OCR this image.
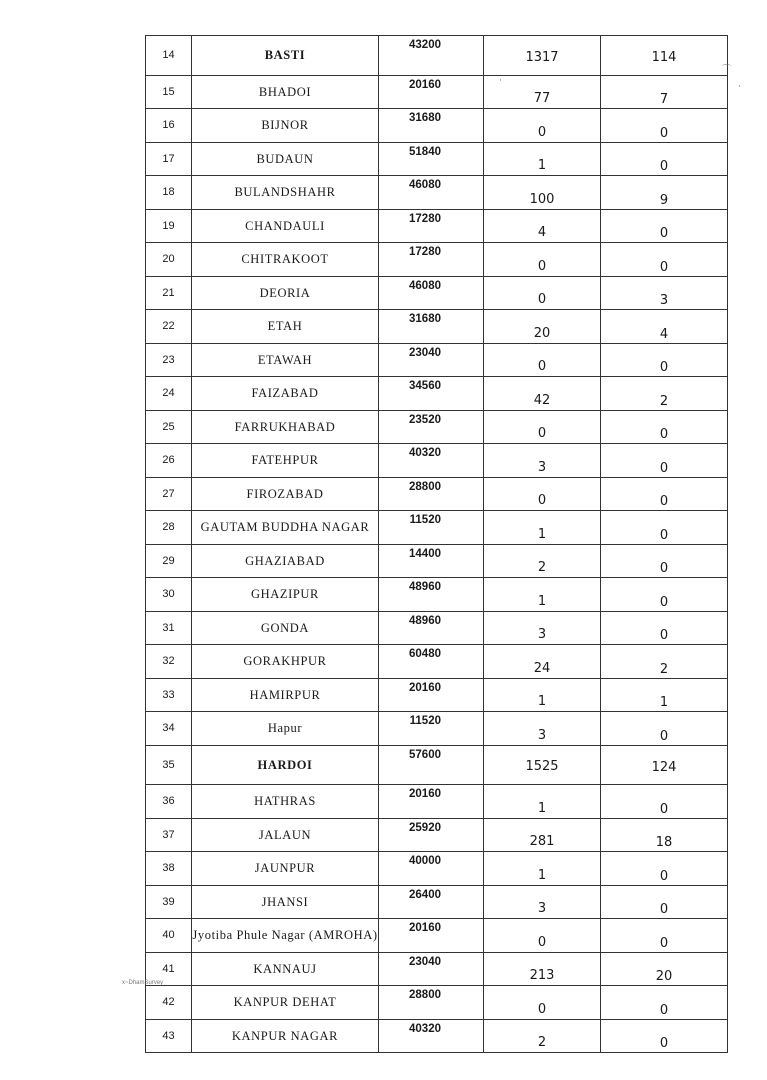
14	BASTI	43200	1317	114
15	BHADOI	20160	77	7
16	BIJNOR	31680	0	0
17	BUDAUN	51840	1	0
18	BULANDSHAHR	46080	100	9
19	CHANDAULI	17280	4	0
20	CHITRAKOOT	17280	0	0
21	DEORIA	46080	0	3
22	ETAH	31680	20	4
23	ETAWAH	23040	0	0
24	FAIZABAD	34560	42	2
25	FARRUKHABAD	23520	0	0
26	FATEHPUR	40320	3	0
27	FIROZABAD	28800	0	0
28	GAUTAM BUDDHA NAGAR	11520	1	0
29	GHAZIABAD	14400	2	0
30	GHAZIPUR	48960	1	0
31	GONDA	48960	3	0
32	GORAKHPUR	60480	24	2
33	HAMIRPUR	20160	1	1
34	Hapur	11520	3	0
35	HARDOI	57600	1525	124
36	HATHRAS	20160	1	0
37	JALAUN	25920	281	18
38	JAUNPUR	40000	1	0
39	JHANSI	26400	3	0
40	Jyotiba Phule Nagar (AMROHA)	20160	0	0
41	KANNAUJ	23040	213	20
42	KANPUR DEHAT	28800	0	0
43	KANPUR NAGAR	40320	2	0
x~DhamSurvey
⌒
·
·
